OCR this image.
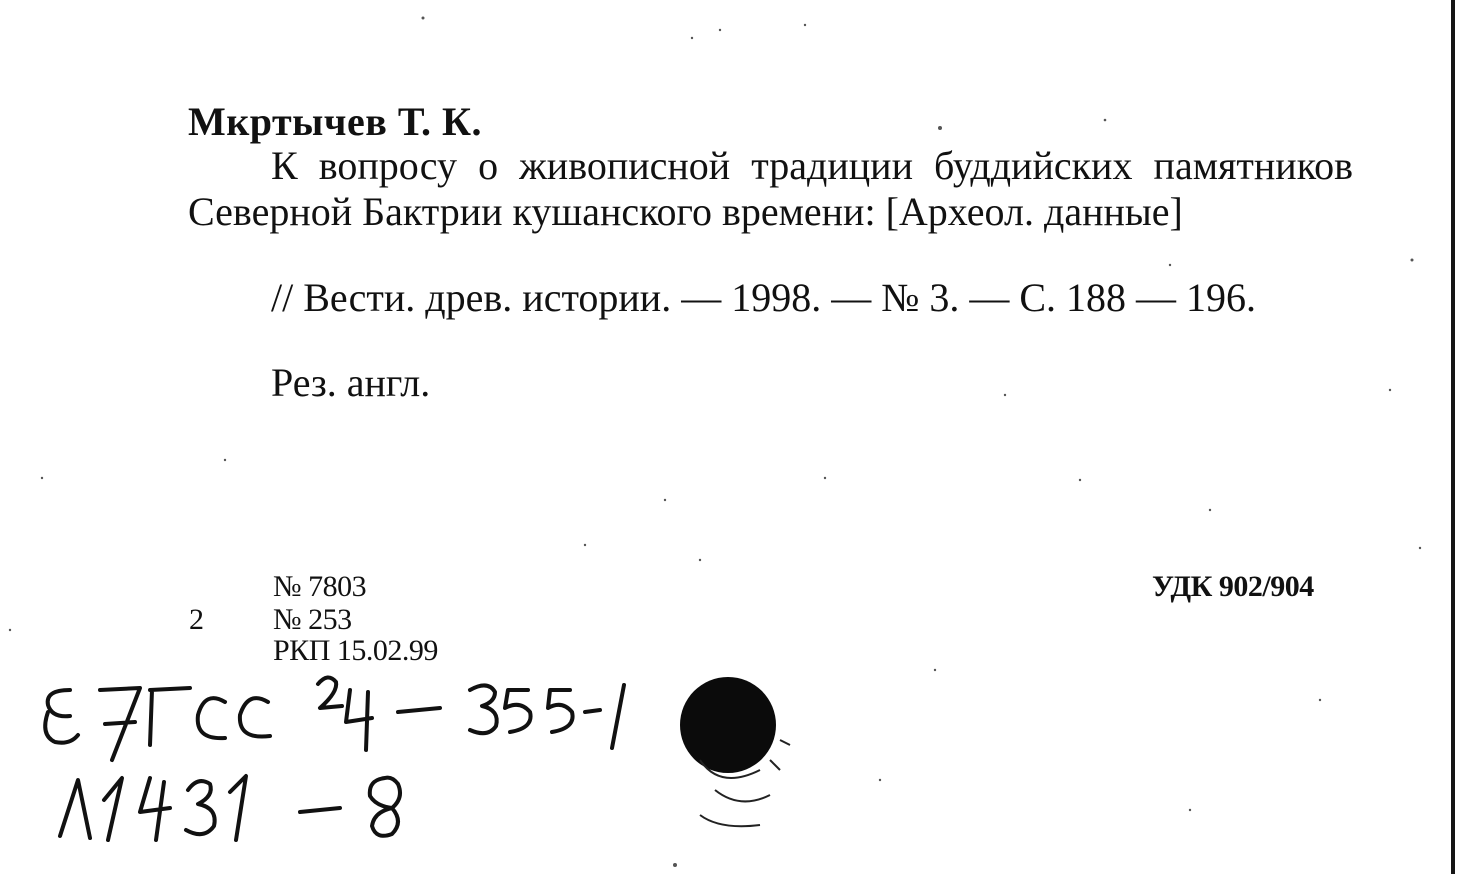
Мкртычев Т. К.

К вопросу о живописной традиции буддийских памятников Северной Бактрии кушанского времени: [Археол. данные]

// Вести. древ. истории. — 1998. — № 3. — С. 188 — 196.

Рез. англ.
№ 7803
2 № 253
РКП 15.02.99
УДК 902/904
